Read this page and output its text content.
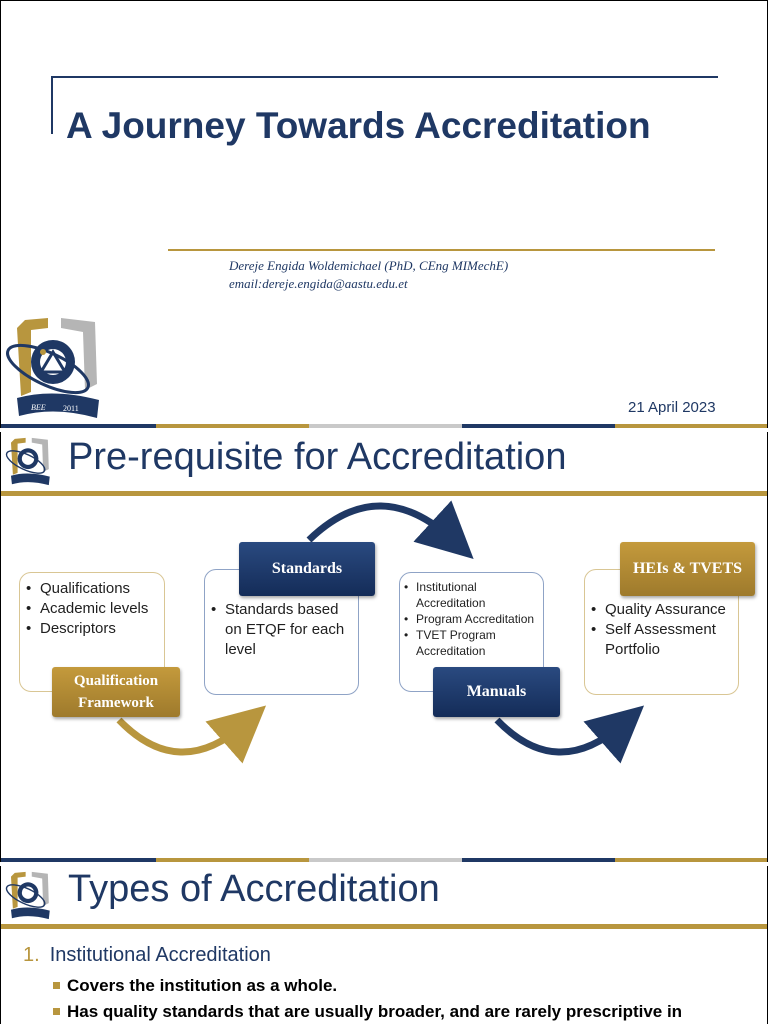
A Journey Towards Accreditation
Dereje Engida Woldemichael (PhD, CEng MIMechE)
email:dereje.engida@aastu.edu.et
BEE 2011	21 April 2023
Pre-requisite for Accreditation
• Qualifications
• Academic levels
• Descriptors
Qualification Framework
• Standards based on ETQF for each level
Standards
• Institutional Accreditation
• Program Accreditation
• TVET Program Accreditation
Manuals
• Quality Assurance
• Self Assessment Portfolio
HEIs & TVETS
Types of Accreditation
1. Institutional Accreditation
Covers the institution as a whole.
Has quality standards that are usually broader, and are rarely prescriptive in
